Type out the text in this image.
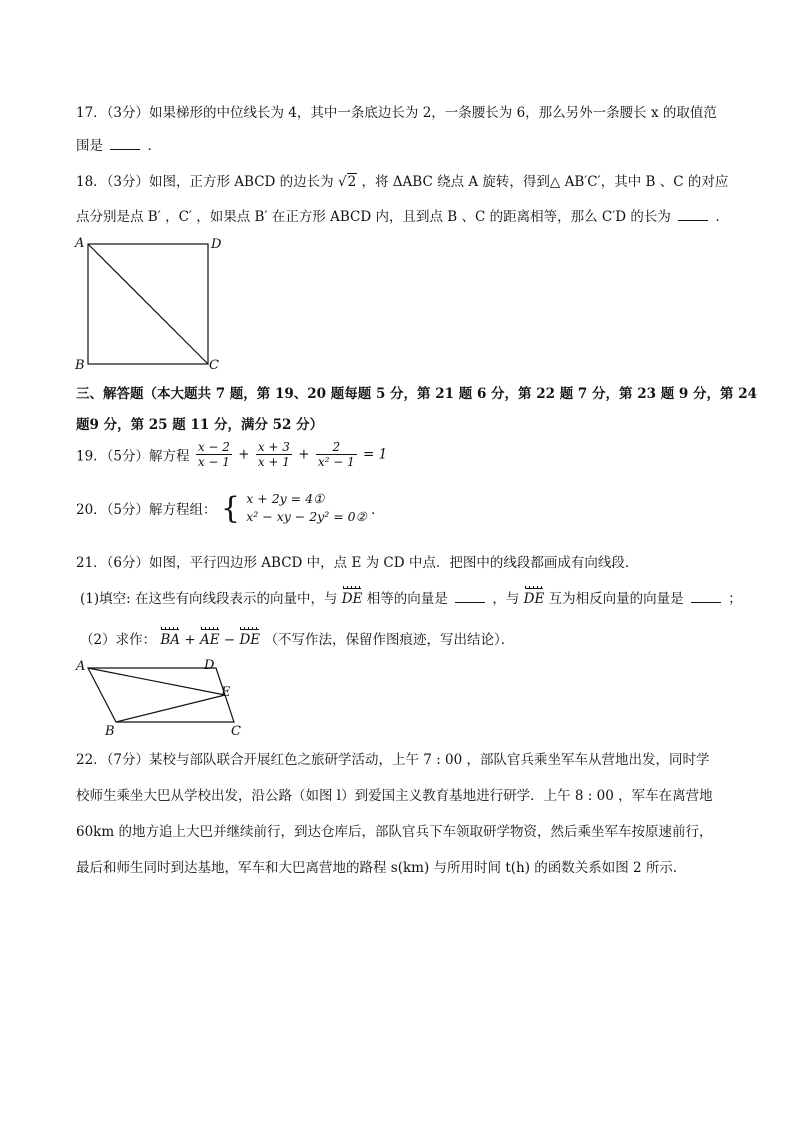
17．（3分）如果梯形的中位线长为 4，其中一条底边长为 2，一条腰长为 6，那么另外一条腰长 x 的取值范
围是	．
18．（3分）如图，正方形 ABCD 的边长为 √2 ，将 ΔABC 绕点 A 旋转，得到△ AB′C′，其中 B 、C 的对应
点分别是点 B′ ，C′ ，如果点 B′ 在正方形 ABCD 内，且到点 B 、C 的距离相等，那么 C′D 的长为	．
A	D
B	C
三、解答题（本大题共 7 题，第 19、20 题每题 5 分，第 21 题 6 分，第 22 题 7 分，第 23 题 9 分，第 24
题9 分，第 25 题 11 分，满分 52 分）
19．（5分）解方程 $\frac{x - 2}{x - 1} + \frac{x + 3}{x + 1} + \frac{2}{\text{x² − 1}} = 1$
20．（5分）解方程组： { x + 2y = 4①
x² − xy − 2y² = 0② ．
21．（6分）如图，平行四边形 ABCD 中，点 E 为 CD 中点．把图中的线段都画成有向线段．
(1)填空: 在这些有向线段表示的向量中，与 DE 相等的向量是	，与 DE 互为相反向量的向量是	；
（2）求作： BA + AE − DE （不写作法，保留作图痕迹，写出结论）．
A	D
E
B	C
22．（7分）某校与部队联合开展红色之旅研学活动，上午 7 : 00 ，部队官兵乘坐军车从营地出发，同时学
校师生乘坐大巴从学校出发，沿公路（如图 l）到爱国主义教育基地进行研学．上午 8 : 00 ，军车在离营地
60km 的地方追上大巴并继续前行，到达仓库后，部队官兵下车领取研学物资，然后乘坐军车按原速前行，
最后和师生同时到达基地，军车和大巴离营地的路程 s(km) 与所用时间 t(h) 的函数关系如图 2 所示．
